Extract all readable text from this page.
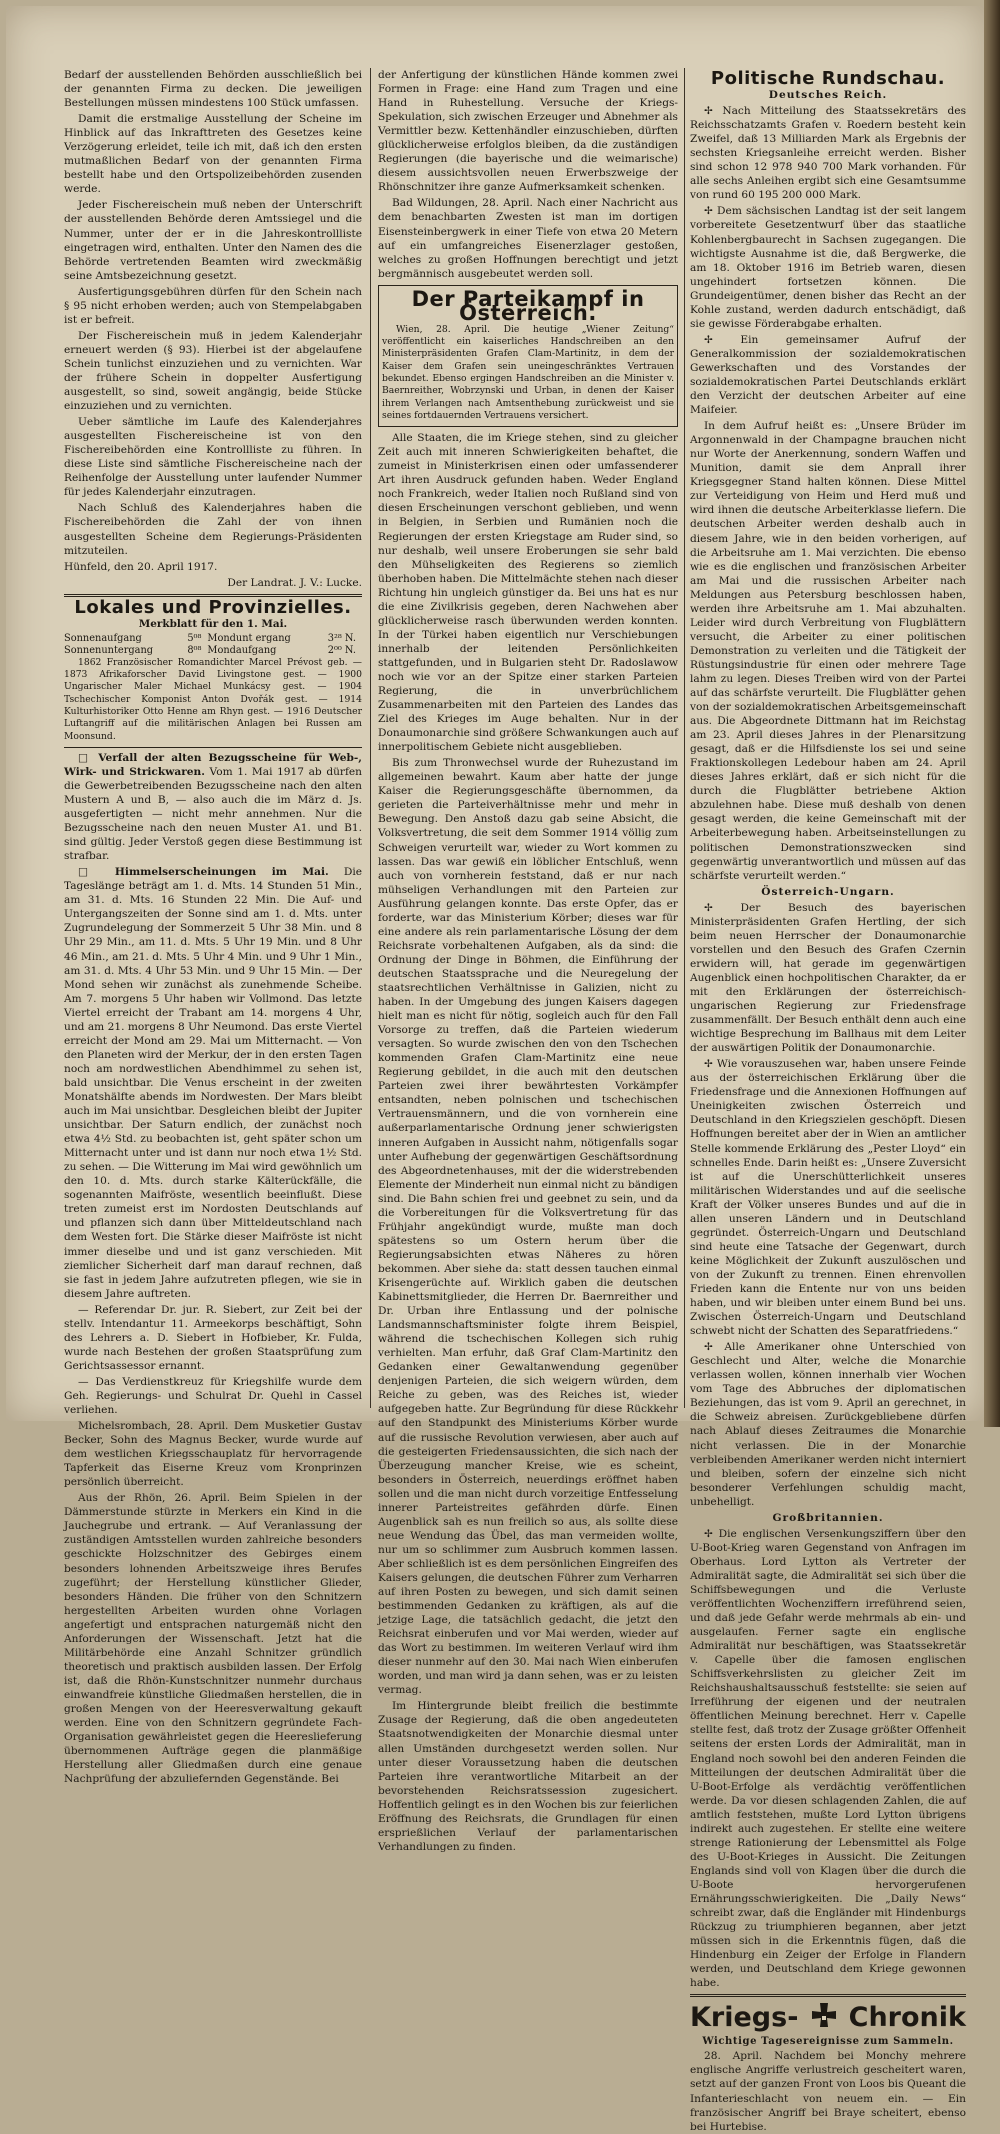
Bedarf der ausstellenden Behörden ausschließlich bei der genannten Firma zu decken. Die jeweiligen Bestellungen müssen mindestens 100 Stück umfassen.

Damit die erstmalige Ausstellung der Scheine im Hinblick auf das Inkrafttreten des Gesetzes keine Verzögerung erleidet, teile ich mit, daß ich den ersten mutmaßlichen Bedarf von der genannten Firma bestellt habe und den Ortspolizeibehörden zusenden werde.

Jeder Fischereischein muß neben der Unterschrift der ausstellenden Behörde deren Amtssiegel und die Nummer, unter der er in die Jahreskontrollliste eingetragen wird, enthalten. Unter den Namen des die Behörde vertretenden Beamten wird zweckmäßig seine Amtsbezeichnung gesetzt.

Ausfertigungsgebühren dürfen für den Schein nach § 95 nicht erhoben werden; auch von Stempelabgaben ist er befreit.

Der Fischereischein muß in jedem Kalenderjahr erneuert werden (§ 93). Hierbei ist der abgelaufene Schein tunlichst einzuziehen und zu vernichten. War der frühere Schein in doppelter Ausfertigung ausgestellt, so sind, soweit angängig, beide Stücke einzuziehen und zu vernichten.

Ueber sämtliche im Laufe des Kalenderjahres ausgestellten Fischereischeine ist von den Fischereibehörden eine Kontrollliste zu führen. In diese Liste sind sämtliche Fischereischeine nach der Reihenfolge der Ausstellung unter laufender Nummer für jedes Kalenderjahr einzutragen.

Nach Schluß des Kalenderjahres haben die Fischereibehörden die Zahl der von ihnen ausgestellten Scheine dem Regierungs-Präsidenten mitzuteilen.

Hünfeld, den 20. April 1917.

Der Landrat. J. V.: Lucke.

Lokales und Provinzielles.
Merkblatt für den 1. Mai.
Sonnenaufgang	5⁰⁸	Mondunt ergang	3²⁸ N.
Sonnenuntergang	8⁰⁸	Mondaufgang	2⁰⁰ N.

1862 Französischer Romandichter Marcel Prévost geb. — 1873 Afrikaforscher David Livingstone gest. — 1900 Ungarischer Maler Michael Munkácsy gest. — 1904 Tschechischer Komponist Anton Dvořák gest. — 1914 Kulturhistoriker Otto Henne am Rhyn gest. — 1916 Deutscher Luftangriff auf die militärischen Anlagen bei Russen am Moonsund.

□ Verfall der alten Bezugsscheine für Web-, Wirk- und Strickwaren. Vom 1. Mai 1917 ab dürfen die Gewerbetreibenden Bezugsscheine nach den alten Mustern A und B, — also auch die im März d. Js. ausgefertigten — nicht mehr annehmen. Nur die Bezugsscheine nach den neuen Muster A1. und B1. sind gültig. Jeder Verstoß gegen diese Bestimmung ist strafbar.

□ Himmelserscheinungen im Mai. Die Tageslänge beträgt am 1. d. Mts. 14 Stunden 51 Min., am 31. d. Mts. 16 Stunden 22 Min. Die Auf- und Untergangszeiten der Sonne sind am 1. d. Mts. unter Zugrundelegung der Sommerzeit 5 Uhr 38 Min. und 8 Uhr 29 Min., am 11. d. Mts. 5 Uhr 19 Min. und 8 Uhr 46 Min., am 21. d. Mts. 5 Uhr 4 Min. und 9 Uhr 1 Min., am 31. d. Mts. 4 Uhr 53 Min. und 9 Uhr 15 Min. — Der Mond sehen wir zunächst als zunehmende Scheibe. Am 7. morgens 5 Uhr haben wir Vollmond. Das letzte Viertel erreicht der Trabant am 14. morgens 4 Uhr, und am 21. morgens 8 Uhr Neumond. Das erste Viertel erreicht der Mond am 29. Mai um Mitternacht. — Von den Planeten wird der Merkur, der in den ersten Tagen noch am nordwestlichen Abendhimmel zu sehen ist, bald unsichtbar. Die Venus erscheint in der zweiten Monatshälfte abends im Nordwesten. Der Mars bleibt auch im Mai unsichtbar. Desgleichen bleibt der Jupiter unsichtbar. Der Saturn endlich, der zunächst noch etwa 4½ Std. zu beobachten ist, geht später schon um Mitternacht unter und ist dann nur noch etwa 1½ Std. zu sehen. — Die Witterung im Mai wird gewöhnlich um den 10. d. Mts. durch starke Kälterückfälle, die sogenannten Maifröste, wesentlich beeinflußt. Diese treten zumeist erst im Nordosten Deutschlands auf und pflanzen sich dann über Mitteldeutschland nach dem Westen fort. Die Stärke dieser Maifröste ist nicht immer dieselbe und und ist ganz verschieden. Mit ziemlicher Sicherheit darf man darauf rechnen, daß sie fast in jedem Jahre aufzutreten pflegen, wie sie in diesem Jahre auftreten.

— Referendar Dr. jur. R. Siebert, zur Zeit bei der stellv. Intendantur 11. Armeekorps beschäftigt, Sohn des Lehrers a. D. Siebert in Hofbieber, Kr. Fulda, wurde nach Bestehen der großen Staatsprüfung zum Gerichtsassessor ernannt.

— Das Verdienstkreuz für Kriegshilfe wurde dem Geh. Regierungs- und Schulrat Dr. Quehl in Cassel verliehen.

Michelsrombach, 28. April. Dem Musketier Gustav Becker, Sohn des Magnus Becker, wurde wurde auf dem westlichen Kriegsschauplatz für hervorragende Tapferkeit das Eiserne Kreuz vom Kronprinzen persönlich überreicht.

Aus der Rhön, 26. April. Beim Spielen in der Dämmerstunde stürzte in Merkers ein Kind in die Jauchegrube und ertrank. — Auf Veranlassung der zuständigen Amtsstellen wurden zahlreiche besonders geschickte Holzschnitzer des Gebirges einem besonders lohnenden Arbeitszweige ihres Berufes zugeführt; der Herstellung künstlicher Glieder, besonders Händen. Die früher von den Schnitzern hergestellten Arbeiten wurden ohne Vorlagen angefertigt und entsprachen naturgemäß nicht den Anforderungen der Wissenschaft. Jetzt hat die Militärbehörde eine Anzahl Schnitzer gründlich theoretisch und praktisch ausbilden lassen. Der Erfolg ist, daß die Rhön-Kunstschnitzer nunmehr durchaus einwandfreie künstliche Gliedmaßen herstellen, die in großen Mengen von der Heeresverwaltung gekauft werden. Eine von den Schnitzern gegründete Fach-Organisation gewährleistet gegen die Heereslieferung übernommenen Aufträge gegen die planmäßige Herstellung aller Gliedmaßen durch eine genaue Nachprüfung der abzuliefernden Gegenstände. Bei

der Anfertigung der künstlichen Hände kommen zwei Formen in Frage: eine Hand zum Tragen und eine Hand in Ruhestellung. Versuche der Kriegs-Spekulation, sich zwischen Erzeuger und Abnehmer als Vermittler bezw. Kettenhändler einzuschieben, dürften glücklicherweise erfolglos bleiben, da die zuständigen Regierungen (die bayerische und die weimarische) diesem aussichtsvollen neuen Erwerbszweige der Rhönschnitzer ihre ganze Aufmerksamkeit schenken.

Bad Wildungen, 28. April. Nach einer Nachricht aus dem benachbarten Zwesten ist man im dortigen Eisensteinbergwerk in einer Tiefe von etwa 20 Metern auf ein umfangreiches Eisenerzlager gestoßen, welches zu großen Hoffnungen berechtigt und jetzt bergmännisch ausgebeutet werden soll.

Der Parteikampf in Österreich.

Wien, 28. April. Die heutige „Wiener Zeitung“ veröffentlicht ein kaiserliches Handschreiben an den Ministerpräsidenten Grafen Clam-Martinitz, in dem der Kaiser dem Grafen sein uneingeschränktes Vertrauen bekundet. Ebenso ergingen Handschreiben an die Minister v. Baernreither, Wobrzynski und Urban, in denen der Kaiser ihrem Verlangen nach Amtsenthebung zurückweist und sie seines fortdauernden Vertrauens versichert.

Alle Staaten, die im Kriege stehen, sind zu gleicher Zeit auch mit inneren Schwierigkeiten behaftet, die zumeist in Ministerkrisen einen oder umfassenderer Art ihren Ausdruck gefunden haben. Weder England noch Frankreich, weder Italien noch Rußland sind von diesen Erscheinungen verschont geblieben, und wenn in Belgien, in Serbien und Rumänien noch die Regierungen der ersten Kriegstage am Ruder sind, so nur deshalb, weil unsere Eroberungen sie sehr bald den Mühseligkeiten des Regierens so ziemlich überhoben haben. Die Mittelmächte stehen nach dieser Richtung hin ungleich günstiger da. Bei uns hat es nur die eine Zivilkrisis gegeben, deren Nachwehen aber glücklicherweise rasch überwunden werden konnten. In der Türkei haben eigentlich nur Verschiebungen innerhalb der leitenden Persönlichkeiten stattgefunden, und in Bulgarien steht Dr. Radoslawow noch wie vor an der Spitze einer starken Parteien Regierung, die in unverbrüchlichem Zusammenarbeiten mit den Parteien des Landes das Ziel des Krieges im Auge behalten. Nur in der Donaumonarchie sind größere Schwankungen auch auf innerpolitischem Gebiete nicht ausgeblieben.

Bis zum Thronwechsel wurde der Ruhezustand im allgemeinen bewahrt. Kaum aber hatte der junge Kaiser die Regierungsgeschäfte übernommen, da gerieten die Parteiverhältnisse mehr und mehr in Bewegung. Den Anstoß dazu gab seine Absicht, die Volksvertretung, die seit dem Sommer 1914 völlig zum Schweigen verurteilt war, wieder zu Wort kommen zu lassen. Das war gewiß ein löblicher Entschluß, wenn auch von vornherein feststand, daß er nur nach mühseligen Verhandlungen mit den Parteien zur Ausführung gelangen konnte. Das erste Opfer, das er forderte, war das Ministerium Körber; dieses war für eine andere als rein parlamentarische Lösung der dem Reichsrate vorbehaltenen Aufgaben, als da sind: die Ordnung der Dinge in Böhmen, die Einführung der deutschen Staatssprache und die Neuregelung der staatsrechtlichen Verhältnisse in Galizien, nicht zu haben. In der Umgebung des jungen Kaisers dagegen hielt man es nicht für nötig, sogleich auch für den Fall Vorsorge zu treffen, daß die Parteien wiederum versagten. So wurde zwischen den von den Tschechen kommenden Grafen Clam-Martinitz eine neue Regierung gebildet, in die auch mit den deutschen Parteien zwei ihrer bewährtesten Vorkämpfer entsandten, neben polnischen und tschechischen Vertrauensmännern, und die von vornherein eine außerparlamentarische Ordnung jener schwierigsten inneren Aufgaben in Aussicht nahm, nötigenfalls sogar unter Aufhebung der gegenwärtigen Geschäftsordnung des Abgeordnetenhauses, mit der die widerstrebenden Elemente der Minderheit nun einmal nicht zu bändigen sind. Die Bahn schien frei und geebnet zu sein, und da die Vorbereitungen für die Volksvertretung für das Frühjahr angekündigt wurde, mußte man doch spätestens so um Ostern herum über die Regierungsabsichten etwas Näheres zu hören bekommen. Aber siehe da: statt dessen tauchen einmal Krisengerüchte auf. Wirklich gaben die deutschen Kabinettsmitglieder, die Herren Dr. Baernreither und Dr. Urban ihre Entlassung und der polnische Landsmannschaftsminister folgte ihrem Beispiel, während die tschechischen Kollegen sich ruhig verhielten. Man erfuhr, daß Graf Clam-Martinitz den Gedanken einer Gewaltanwendung gegenüber denjenigen Parteien, die sich weigern würden, dem Reiche zu geben, was des Reiches ist, wieder aufgegeben hatte. Zur Begründung für diese Rückkehr auf den Standpunkt des Ministeriums Körber wurde auf die russische Revolution verwiesen, aber auch auf die gesteigerten Friedensaussichten, die sich nach der Überzeugung mancher Kreise, wie es scheint, besonders in Österreich, neuerdings eröffnet haben sollen und die man nicht durch vorzeitige Entfesselung innerer Parteistreites gefährden dürfe. Einen Augenblick sah es nun freilich so aus, als sollte diese neue Wendung das Übel, das man vermeiden wollte, nur um so schlimmer zum Ausbruch kommen lassen. Aber schließlich ist es dem persönlichen Eingreifen des Kaisers gelungen, die deutschen Führer zum Verharren auf ihren Posten zu bewegen, und sich damit seinen bestimmenden Gedanken zu kräftigen, als auf die jetzige Lage, die tatsächlich gedacht, die jetzt den Reichsrat einberufen und vor Mai werden, wieder auf das Wort zu bestimmen. Im weiteren Verlauf wird ihm dieser nunmehr auf den 30. Mai nach Wien einberufen worden, und man wird ja dann sehen, was er zu leisten vermag.

Im Hintergrunde bleibt freilich die bestimmte Zusage der Regierung, daß die oben angedeuteten Staatsnotwendigkeiten der Monarchie diesmal unter allen Umständen durchgesetzt werden sollen. Nur unter dieser Voraussetzung haben die deutschen Parteien ihre verantwortliche Mitarbeit an der bevorstehenden Reichsratssession zugesichert. Hoffentlich gelingt es in den Wochen bis zur feierlichen Eröffnung des Reichsrats, die Grundlagen für einen ersprießlichen Verlauf der parlamentarischen Verhandlungen zu finden.

Politische Rundschau.
Deutsches Reich.

✢ Nach Mitteilung des Staatssekretärs des Reichsschatzamts Grafen v. Roedern besteht kein Zweifel, daß 13 Milliarden Mark als Ergebnis der sechsten Kriegsanleihe erreicht werden. Bisher sind schon 12 978 940 700 Mark vorhanden. Für alle sechs Anleihen ergibt sich eine Gesamtsumme von rund 60 195 200 000 Mark.

✢ Dem sächsischen Landtag ist der seit langem vorbereitete Gesetzentwurf über das staatliche Kohlenbergbaurecht in Sachsen zugegangen. Die wichtigste Ausnahme ist die, daß Bergwerke, die am 18. Oktober 1916 im Betrieb waren, diesen ungehindert fortsetzen können. Die Grundeigentümer, denen bisher das Recht an der Kohle zustand, werden dadurch entschädigt, daß sie gewisse Förderabgabe erhalten.

✢ Ein gemeinsamer Aufruf der Generalkommission der sozialdemokratischen Gewerkschaften und des Vorstandes der sozialdemokratischen Partei Deutschlands erklärt den Verzicht der deutschen Arbeiter auf eine Maifeier.

In dem Aufruf heißt es: „Unsere Brüder im Argonnenwald in der Champagne brauchen nicht nur Worte der Anerkennung, sondern Waffen und Munition, damit sie dem Anprall ihrer Kriegsgegner Stand halten können. Diese Mittel zur Verteidigung von Heim und Herd muß und wird ihnen die deutsche Arbeiterklasse liefern. Die deutschen Arbeiter werden deshalb auch in diesem Jahre, wie in den beiden vorherigen, auf die Arbeitsruhe am 1. Mai verzichten. Die ebenso wie es die englischen und französischen Arbeiter am Mai und die russischen Arbeiter nach Meldungen aus Petersburg beschlossen haben, werden ihre Arbeitsruhe am 1. Mai abzuhalten. Leider wird durch Verbreitung von Flugblättern versucht, die Arbeiter zu einer politischen Demonstration zu verleiten und die Tätigkeit der Rüstungsindustrie für einen oder mehrere Tage lahm zu legen. Dieses Treiben wird von der Partei auf das schärfste verurteilt. Die Flugblätter gehen von der sozialdemokratischen Arbeitsgemeinschaft aus. Die Abgeordnete Dittmann hat im Reichstag am 23. April dieses Jahres in der Plenarsitzung gesagt, daß er die Hilfsdienste los sei und seine Fraktionskollegen Ledebour haben am 24. April dieses Jahres erklärt, daß er sich nicht für die durch die Flugblätter betriebene Aktion abzulehnen habe. Diese muß deshalb von denen gesagt werden, die keine Gemeinschaft mit der Arbeiterbewegung haben. Arbeitseinstellungen zu politischen Demonstrationszwecken sind gegenwärtig unverantwortlich und müssen auf das schärfste verurteilt werden.“

Österreich-Ungarn.

✢ Der Besuch des bayerischen Ministerpräsidenten Grafen Hertling, der sich beim neuen Herrscher der Donaumonarchie vorstellen und den Besuch des Grafen Czernin erwidern will, hat gerade im gegenwärtigen Augenblick einen hochpolitischen Charakter, da er mit den Erklärungen der österreichisch-ungarischen Regierung zur Friedensfrage zusammenfällt. Der Besuch enthält denn auch eine wichtige Besprechung im Ballhaus mit dem Leiter der auswärtigen Politik der Donaumonarchie.

✢ Wie vorauszusehen war, haben unsere Feinde aus der österreichischen Erklärung über die Friedensfrage und die Annexionen Hoffnungen auf Uneinigkeiten zwischen Österreich und Deutschland in den Kriegszielen geschöpft. Diesen Hoffnungen bereitet aber der in Wien an amtlicher Stelle kommende Erklärung des „Pester Lloyd“ ein schnelles Ende. Darin heißt es: „Unsere Zuversicht ist auf die Unerschütterlichkeit unseres militärischen Widerstandes und auf die seelische Kraft der Völker unseres Bundes und auf die in allen unseren Ländern und in Deutschland gegründet. Österreich-Ungarn und Deutschland sind heute eine Tatsache der Gegenwart, durch keine Möglichkeit der Zukunft auszulöschen und von der Zukunft zu trennen. Einen ehrenvollen Frieden kann die Entente nur von uns beiden haben, und wir bleiben unter einem Bund bei uns. Zwischen Österreich-Ungarn und Deutschland schwebt nicht der Schatten des Separatfriedens.“

✢ Alle Amerikaner ohne Unterschied von Geschlecht und Alter, welche die Monarchie verlassen wollen, können innerhalb vier Wochen vom Tage des Abbruches der diplomatischen Beziehungen, das ist vom 9. April an gerechnet, in die Schweiz abreisen. Zurückgebliebene dürfen nach Ablauf dieses Zeitraumes die Monarchie nicht verlassen. Die in der Monarchie verbleibenden Amerikaner werden nicht interniert und bleiben, sofern der einzelne sich nicht besonderer Verfehlungen schuldig macht, unbehelligt.

Großbritannien.

✢ Die englischen Versenkungsziffern über den U-Boot-Krieg waren Gegenstand von Anfragen im Oberhaus. Lord Lytton als Vertreter der Admiralität sagte, die Admiralität sei sich über die Schiffsbewegungen und die Verluste veröffentlichten Wochenziffern irreführend seien, und daß jede Gefahr werde mehrmals ab ein- und ausgelaufen. Ferner sagte ein englische Admiralität nur beschäftigen, was Staatssekretär v. Capelle über die famosen englischen Schiffsverkehrslisten zu gleicher Zeit im Reichshaushaltsausschuß feststellte: sie seien auf Irreführung der eigenen und der neutralen öffentlichen Meinung berechnet. Herr v. Capelle stellte fest, daß trotz der Zusage größter Offenheit seitens der ersten Lords der Admiralität, man in England noch sowohl bei den anderen Feinden die Mitteilungen der deutschen Admiralität über die U-Boot-Erfolge als verdächtig veröffentlichen werde. Da vor diesen schlagenden Zahlen, die auf amtlich feststehen, mußte Lord Lytton übrigens indirekt auch zugestehen. Er stellte eine weitere strenge Rationierung der Lebensmittel als Folge des U-Boot-Krieges in Aussicht. Die Zeitungen Englands sind voll von Klagen über die durch die U-Boote hervorgerufenen Ernährungsschwierigkeiten. Die „Daily News“ schreibt zwar, daß die Engländer mit Hindenburgs Rückzug zu triumphieren begannen, aber jetzt müssen sich in die Erkenntnis fügen, daß die Hindenburg ein Zeiger der Erfolge in Flandern werden, und Deutschland dem Kriege gewonnen habe.

Kriegs- Chronik
Wichtige Tagesereignisse zum Sammeln.

28. April. Nachdem bei Monchy mehrere englische Angriffe verlustreich gescheitert waren, setzt auf der ganzen Front von Loos bis Queant die Infanterieschlacht von neuem ein. — Ein französischer Angriff bei Braye scheitert, ebenso bei Hurtebise.
